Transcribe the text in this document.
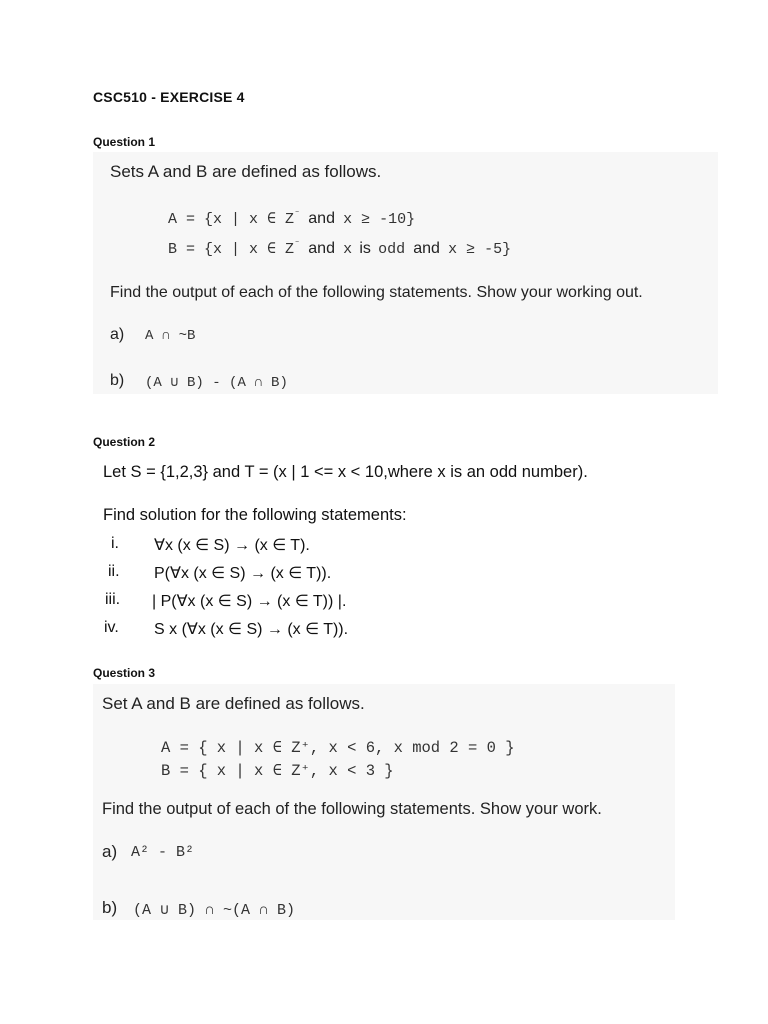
CSC510 - EXERCISE 4
Question 1
Sets A and B are defined as follows.
A = {x | x ∈ Z⁻ and x ≥ -10}
B = {x | x ∈ Z⁻ and x is odd and x ≥ -5}
Find the output of each of the following statements. Show your working out.
a) A ∩ ~B
b) (A ∪ B) - (A ∩ B)
Question 2
Let S = {1,2,3} and T = (x | 1 <= x < 10,where x is an odd number).
Find solution for the following statements:
i. ∀x (x ∈ S) → (x ∈ T).
ii. P(∀x (x ∈ S) → (x ∈ T)).
iii. | P(∀x (x ∈ S) → (x ∈ T)) |.
iv. S x (∀x (x ∈ S) → (x ∈ T)).
Question 3
Set A and B are defined as follows.
A = { x | x ∈ Z⁺, x < 6, x mod 2 = 0 }
B = { x | x ∈ Z⁺, x < 3 }
Find the output of each of the following statements. Show your work.
a) A² - B²
b) (A ∪ B) ∩ ~(A ∩ B)
